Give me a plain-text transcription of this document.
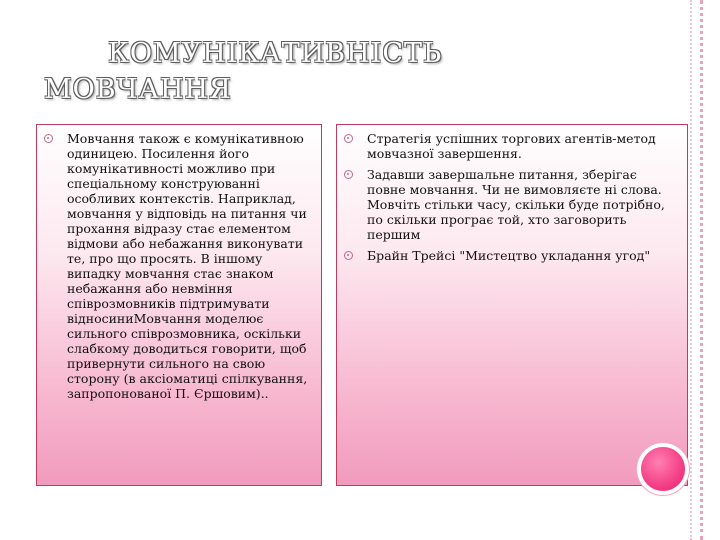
КОМУНІКАТИВНІСТЬ
МОВЧАННЯ
Мовчання також є комунікативною одиницею. Посилення його комунікативності можливо при спеціальному конструюванні особливих контекстів. Наприклад, мовчання у відповідь на питання чи прохання відразу стає елементом відмови або небажання виконувати те, про що просять. В іншому випадку мовчання стає знаком небажання або невміння співрозмовників підтримувати відносиниМовчання моделює сильного співрозмовника, оскільки слабкому доводиться говорити, щоб привернути сильного на свою сторону (в аксіоматиці спілкування, запропонованої П. Єршовим)..
Стратегія успішних торгових агентів-метод мовчазної завершення.
Задавши завершальне питання, зберігає повне мовчання. Чи не вимовляєте ні слова. Мовчіть стільки часу, скільки буде потрібно, по скільки програє той, хто заговорить першим
Брайн Трейсі "Мистецтво укладання угод"
